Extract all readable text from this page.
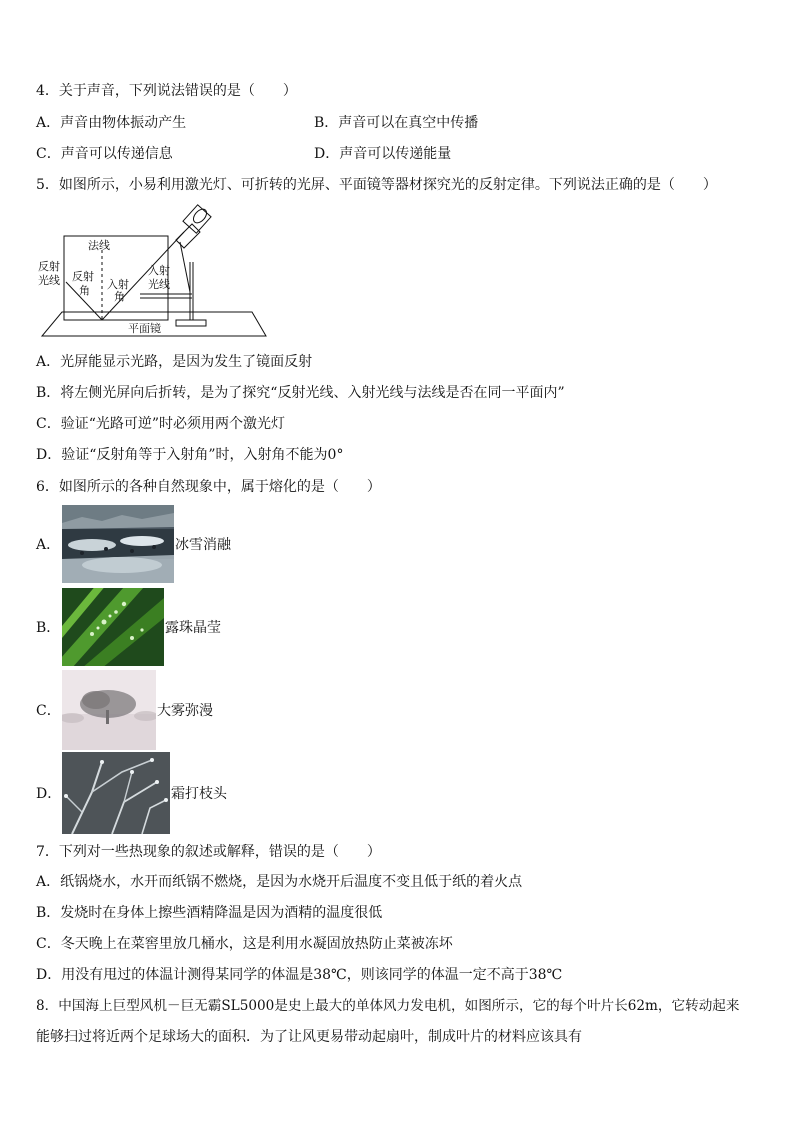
4．关于声音，下列说法错误的是（　　）
A．声音由物体振动产生	B．声音可以在真空中传播
C．声音可以传递信息	D．声音可以传递能量
5．如图所示，小易利用激光灯、可折转的光屏、平面镜等器材探究光的反射定律。下列说法正确的是（　　）
法线
反射
角 入射
角
反射
光线
入射
光线
平面镜
A．光屏能显示光路，是因为发生了镜面反射
B．将左侧光屏向后折转，是为了探究“反射光线、入射光线与法线是否在同一平面内”
C．验证“光路可逆”时必须用两个激光灯
D．验证“反射角等于入射角”时，入射角不能为0°
6．如图所示的各种自然现象中，属于熔化的是（　　）
A．	冰雪消融
B．	露珠晶莹
C．	大雾弥漫
D．	霜打枝头
7．下列对一些热现象的叙述或解释，错误的是（　　）
A．纸锅烧水，水开而纸锅不燃烧，是因为水烧开后温度不变且低于纸的着火点
B．发烧时在身体上擦些酒精降温是因为酒精的温度很低
C．冬天晚上在菜窖里放几桶水，这是利用水凝固放热防止菜被冻坏
D．用没有甩过的体温计测得某同学的体温是38℃，则该同学的体温一定不高于38℃
8．中国海上巨型风机－巨无霸SL5000是史上最大的单体风力发电机，如图所示，它的每个叶片长62m，它转动起来
能够扫过将近两个足球场大的面积．为了让风更易带动起扇叶，制成叶片的材料应该具有
